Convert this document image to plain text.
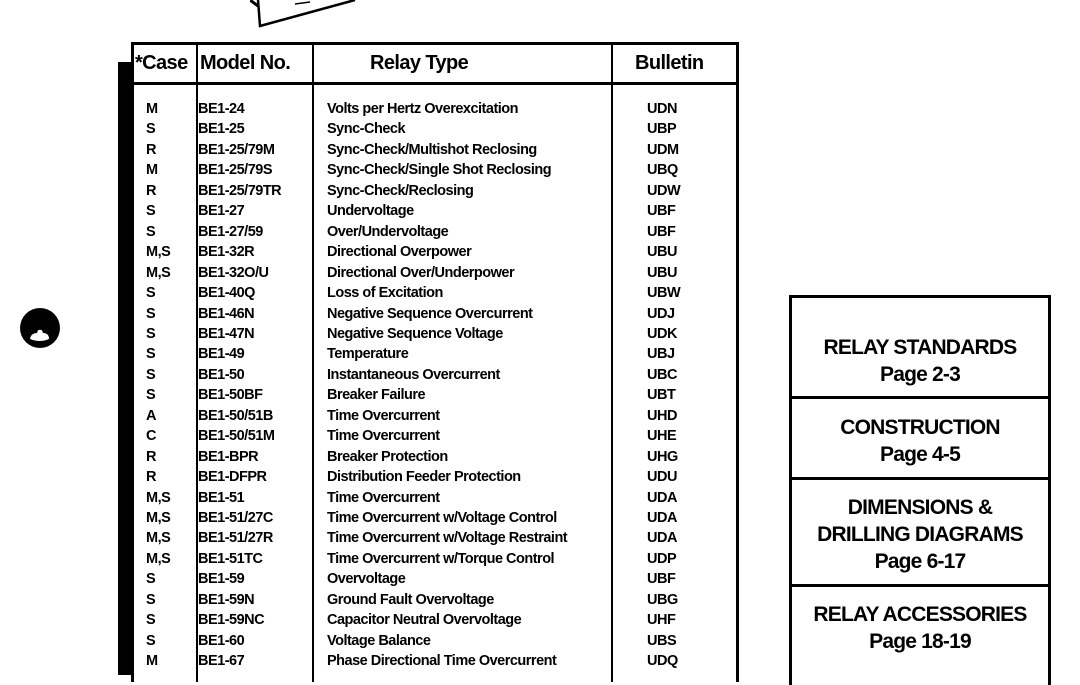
*Case Model No.	Relay Type	Bulletin
M	BE1-24	Volts per Hertz Overexcitation	UDN
S	BE1-25	Sync-Check	UBP
R	BE1-25/79M	Sync-Check/Multishot Reclosing	UDM
M	BE1-25/79S	Sync-Check/Single Shot Reclosing	UBQ
R	BE1-25/79TR	Sync-Check/Reclosing	UDW
S	BE1-27	Undervoltage	UBF
S	BE1-27/59	Over/Undervoltage	UBF
M,S BE1-32R	Directional Overpower	UBU
M,S BE1-32O/U	Directional Over/Underpower	UBU
S	BE1-40Q	Loss of Excitation	UBW
S	BE1-46N	Negative Sequence Overcurrent	UDJ
S	BE1-47N	Negative Sequence Voltage	UDK
S	BE1-49	Temperature	UBJ
S	BE1-50	Instantaneous Overcurrent	UBC
S	BE1-50BF	Breaker Failure	UBT
A	BE1-50/51B	Time Overcurrent	UHD
C	BE1-50/51M	Time Overcurrent	UHE
R	BE1-BPR	Breaker Protection	UHG
R	BE1-DFPR	Distribution Feeder Protection	UDU
M,S BE1-51	Time Overcurrent	UDA
M,S BE1-51/27C	Time Overcurrent w/Voltage Control	UDA
M,S BE1-51/27R	Time Overcurrent w/Voltage Restraint	UDA
M,S BE1-51TC	Time Overcurrent w/Torque Control	UDP
S	BE1-59	Overvoltage	UBF
S	BE1-59N	Ground Fault Overvoltage	UBG
S	BE1-59NC	Capacitor Neutral Overvoltage	UHF
S	BE1-60	Voltage Balance	UBS
M	BE1-67	Phase Directional Time Overcurrent	UDQ
RELAY STANDARDS
Page 2-3
CONSTRUCTION
Page 4-5
DIMENSIONS &
DRILLING DIAGRAMS
Page 6-17
RELAY ACCESSORIES
Page 18-19
